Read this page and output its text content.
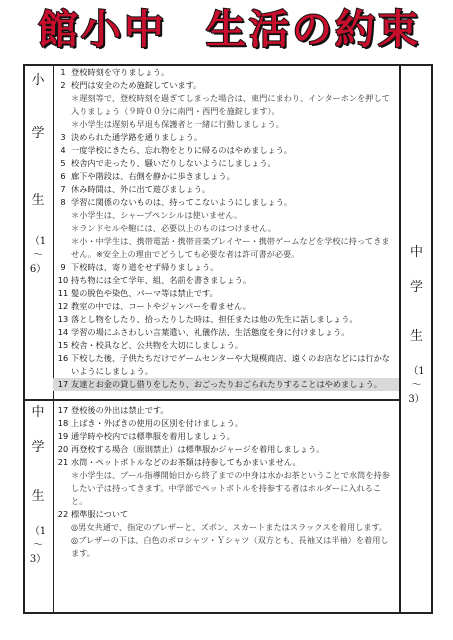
館小中 生活の約束
小
学
生
（1
～
6）
中
学
生
（1
～
3）
中
学
生
（1
～
3）
1 登校時刻を守りましょう。
2 校門は安全のため施錠しています。
＊遅刻等で、登校時刻を過ぎてしまった場合は、東門にまわり、インターホンを押して入りましょう（９時００分に南門・西門を施錠します）。
＊小学生は遅刻も早退も保護者と一緒に行動しましょう。
3 決められた通学路を通りましょう。
4 一度学校にきたら、忘れ物をとりに帰るのはやめましょう。
5 校舎内で走ったり、騒いだりしないようにしましょう。
6 廊下や階段は、右側を静かに歩きましょう。
7 休み時間は、外に出て遊びましょう。
8 学習に関係のないものは、持ってこないようにしましょう。
＊小学生は、シャープペンシルは使いません。
＊ランドセルや鞄には、必要以上のものはつけません。
＊小・中学生は、携帯電話・携帯音楽プレイヤー・携帯ゲームなどを学校に持ってきません。※安全上の理由でどうしても必要な者は許可書が必要。
9 下校時は、寄り道をせず帰りましょう。
10 持ち物には全て学年、組、名前を書きましょう。
11 髪の脱色や染色、パーマ等は禁止です。
12 教室の中では、コートやジャンパーを着ません。
13 落とし物をしたり、拾ったりした時は、担任または他の先生に話しましょう。
14 学習の場にふさわしい言葉遣い、礼儀作法、生活態度を身に付けましょう。
15 校舎・校具など、公共物を大切にしましょう。
16 下校した後、子供たちだけでゲームセンターや大規模商店、遠くのお店などには行かないようにしましょう。
17 友達とお金の貸し借りをしたり、おごったりおごられたりすることはやめましょう。
17 登校後の外出は禁止です。
18 上ばき・外ばきの使用の区別を付けましょう。
19 通学時や校内では標準服を着用しましょう。
20 再登校する場合（原則禁止）は標準服かジャージを着用しましょう。
21 水筒・ペットボトルなどのお茶類は持参してもかまいません。
＊小学生は、プール指導開始日から終了までの中身は水かお茶ということで水筒を持参したい子は持ってきます。中学部でペットボトルを持参する者はホルダーに入れること。
22 標準服について
◎男女共通で、指定のブレザーと、ズボン、スカートまたはスラックスを着用します。
◎ブレザーの下は、白色のポロシャツ・Ｙシャツ（双方とも、長袖又は半袖）を着用します。
